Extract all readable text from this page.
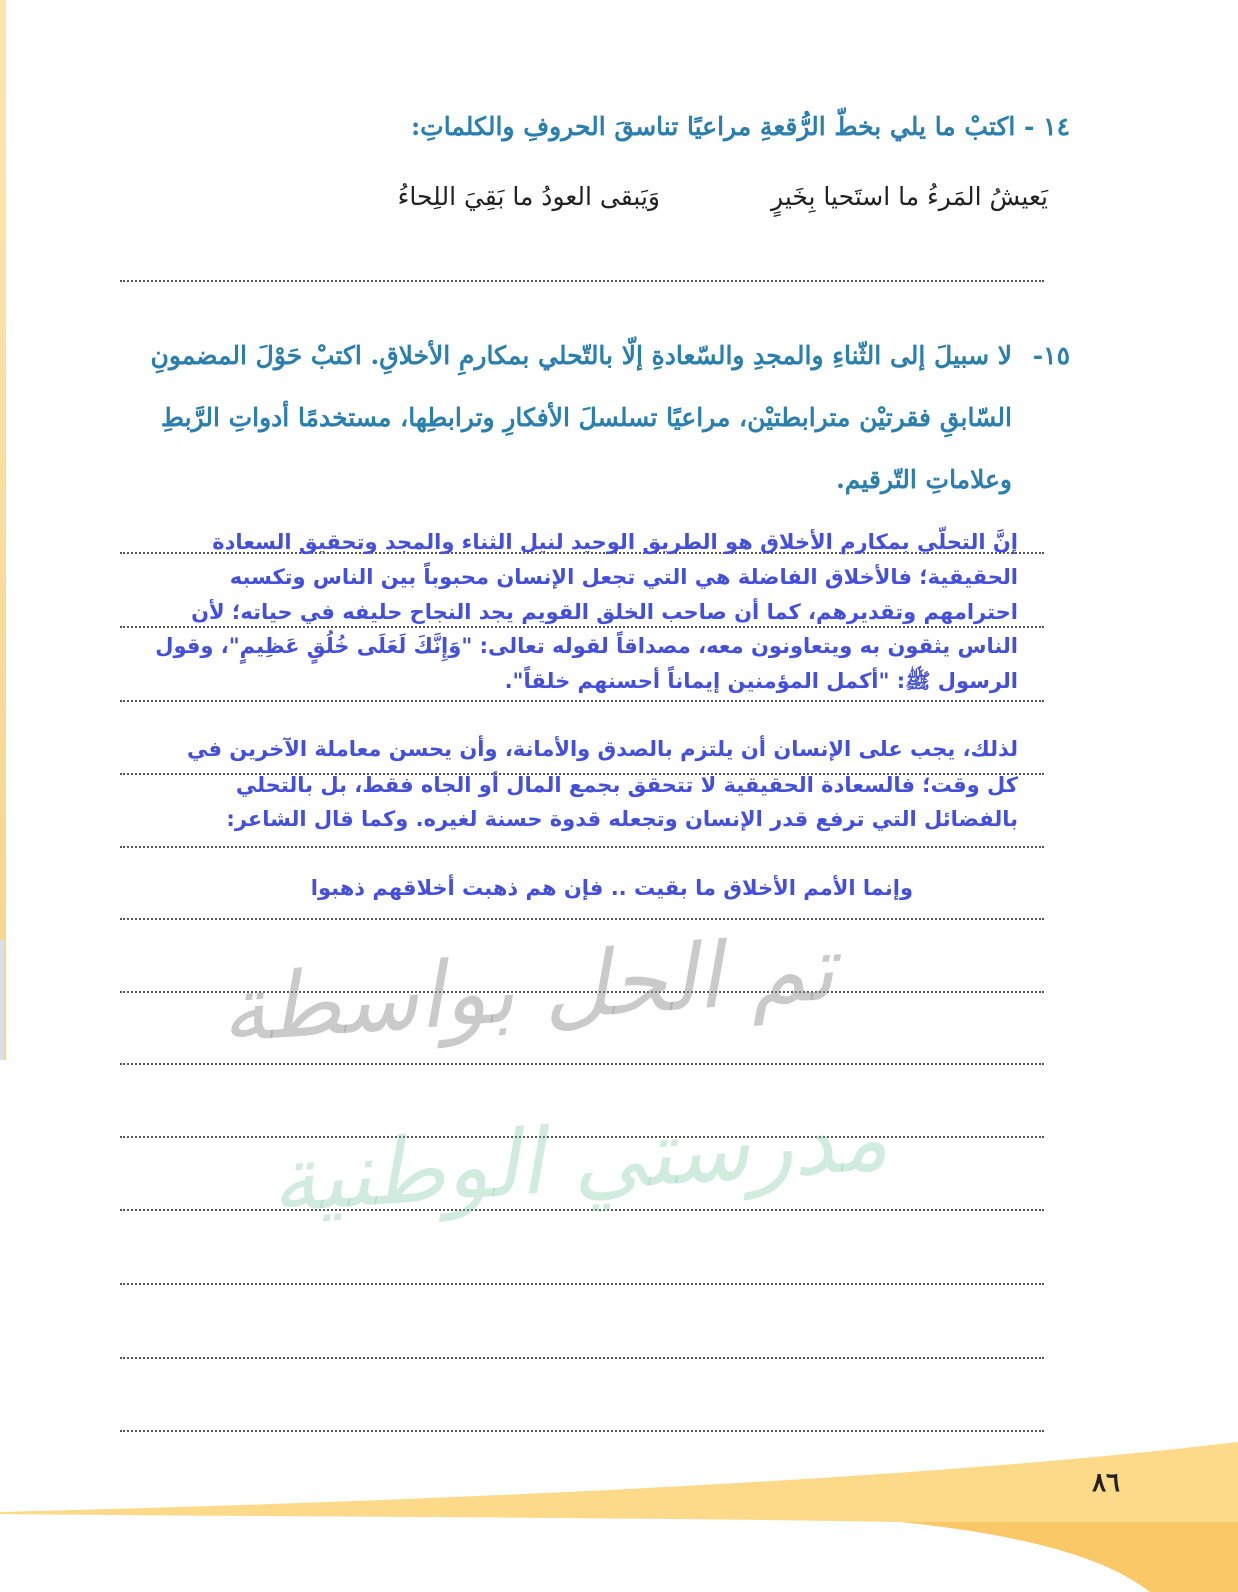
١٤ - اكتبْ ما يلي بخطّ الرُّقعةِ مراعيًا تناسقَ الحروفِ والكلماتِ:
يَعيشُ المَرءُ ما استَحيا بِخَيرٍ
وَيَبقى العودُ ما بَقِيَ اللِحاءُ
١٥-
لا سبيلَ إلى الثّناءِ والمجدِ والسّعادةِ إلّا بالتّحلي بمكارمِ الأخلاقِ. اكتبْ حَوْلَ المضمونِ السّابقِ فقرتيْن مترابطتيْن، مراعيًا تسلسلَ الأفكارِ وترابطِها، مستخدمًا أدواتِ الرَّبطِ وعلاماتِ التّرقيم.
تم الحل بواسطة
مدرستي الوطنية
إنَّ التحلّي بمكارم الأخلاق هو الطريق الوحيد لنيل الثناء والمجد وتحقيق السعادة
الحقيقية؛ فالأخلاق الفاضلة هي التي تجعل الإنسان محبوباً بين الناس وتكسبه
احترامهم وتقديرهم، كما أن صاحب الخلق القويم يجد النجاح حليفه في حياته؛ لأن
الناس يثقون به ويتعاونون معه، مصداقاً لقوله تعالى: "وَإِنَّكَ لَعَلَى خُلُقٍ عَظِيمٍ"، وقول
الرسول ﷺ: "أكمل المؤمنين إيماناً أحسنهم خلقاً".
لذلك، يجب على الإنسان أن يلتزم بالصدق والأمانة، وأن يحسن معاملة الآخرين في
كل وقت؛ فالسعادة الحقيقية لا تتحقق بجمع المال أو الجاه فقط، بل بالتحلي
بالفضائل التي ترفع قدر الإنسان وتجعله قدوة حسنة لغيره. وكما قال الشاعر:
وإنما الأمم الأخلاق ما بقيت .. فإن هم ذهبت أخلاقهم ذهبوا
٨٦
